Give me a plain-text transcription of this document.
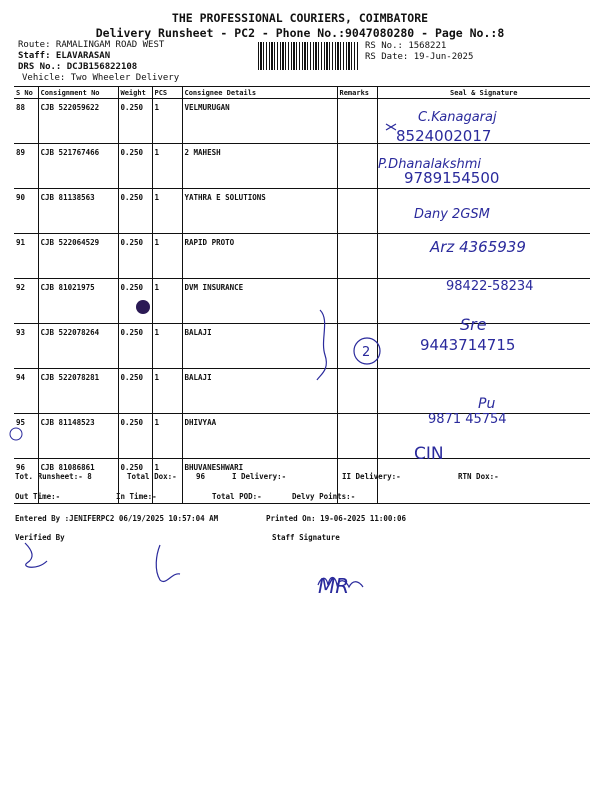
THE PROFESSIONAL COURIERS, COIMBATORE
Delivery Runsheet - PC2 - Phone No.:9047080280 - Page No.:8
Route: RAMALINGAM ROAD WEST
Staff: ELAVARASAN
DRS No.: DCJB156822108
Vehicle: Two Wheeler Delivery
RS No.: 1568221
RS Date: 19-Jun-2025
S No	Consignment No	Weight	PCS	Consignee Details	Remarks	Seal & Signature
88	CJB 522059622	0.250	1	VELMURUGAN		
89	CJB 521767466	0.250	1	2 MAHESH		
90	CJB 81138563	0.250	1	YATHRA E SOLUTIONS		
91	CJB 522064529	0.250	1	RAPID PROTO		
92	CJB 81021975	0.250	1	DVM INSURANCE		
93	CJB 522078264	0.250	1	BALAJI		
94	CJB 522078281	0.250	1	BALAJI		
95	CJB 81148523	0.250	1	DHIVYAA		
96	CJB 81086861	0.250	1	BHUVANESHWARI		
Tot. Runsheet:- 8	Total Dox:-	96	I Delivery:-	II Delivery:-	RTN Dox:-
Out Time:-	In Time:-	Total POD:-	Delvy Points:-
Entered By :JENIFERPC2 06/19/2025 10:57:04 AM	Printed On: 19-06-2025 11:00:06
Verified By	Staff Signature
C.Kanagaraj
8524002017
P.Dhanalakshmi
9789154500
Dany 2GSM
Arz 4365939
98422-58234
Sre
9443714715
2
Pu
9871 45754
CIN
MR
